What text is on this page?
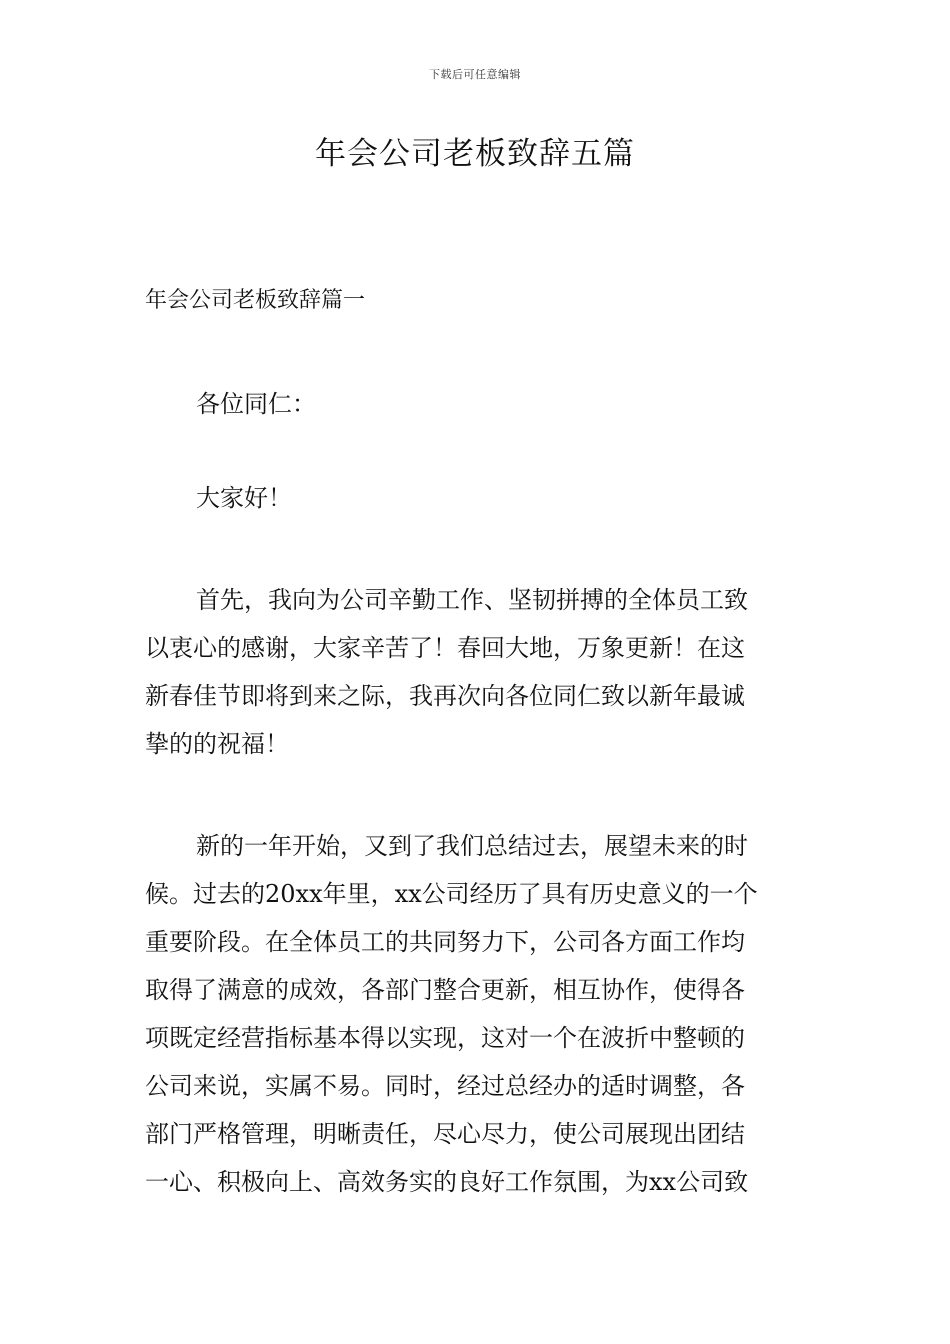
下载后可任意编辑
年会公司老板致辞五篇
年会公司老板致辞篇一
各位同仁：
大家好！
首先，我向为公司辛勤工作、坚韧拼搏的全体员工致
以衷心的感谢，大家辛苦了！春回大地，万象更新！在这
新春佳节即将到来之际，我再次向各位同仁致以新年最诚
挚的的祝福！
新的一年开始，又到了我们总结过去，展望未来的时
候。过去的20xx年里，xx公司经历了具有历史意义的一个
重要阶段。在全体员工的共同努力下，公司各方面工作均
取得了满意的成效，各部门整合更新，相互协作，使得各
项既定经营指标基本得以实现，这对一个在波折中整顿的
公司来说，实属不易。同时，经过总经办的适时调整，各
部门严格管理，明晰责任，尽心尽力，使公司展现出团结
一心、积极向上、高效务实的良好工作氛围，为xx公司致
